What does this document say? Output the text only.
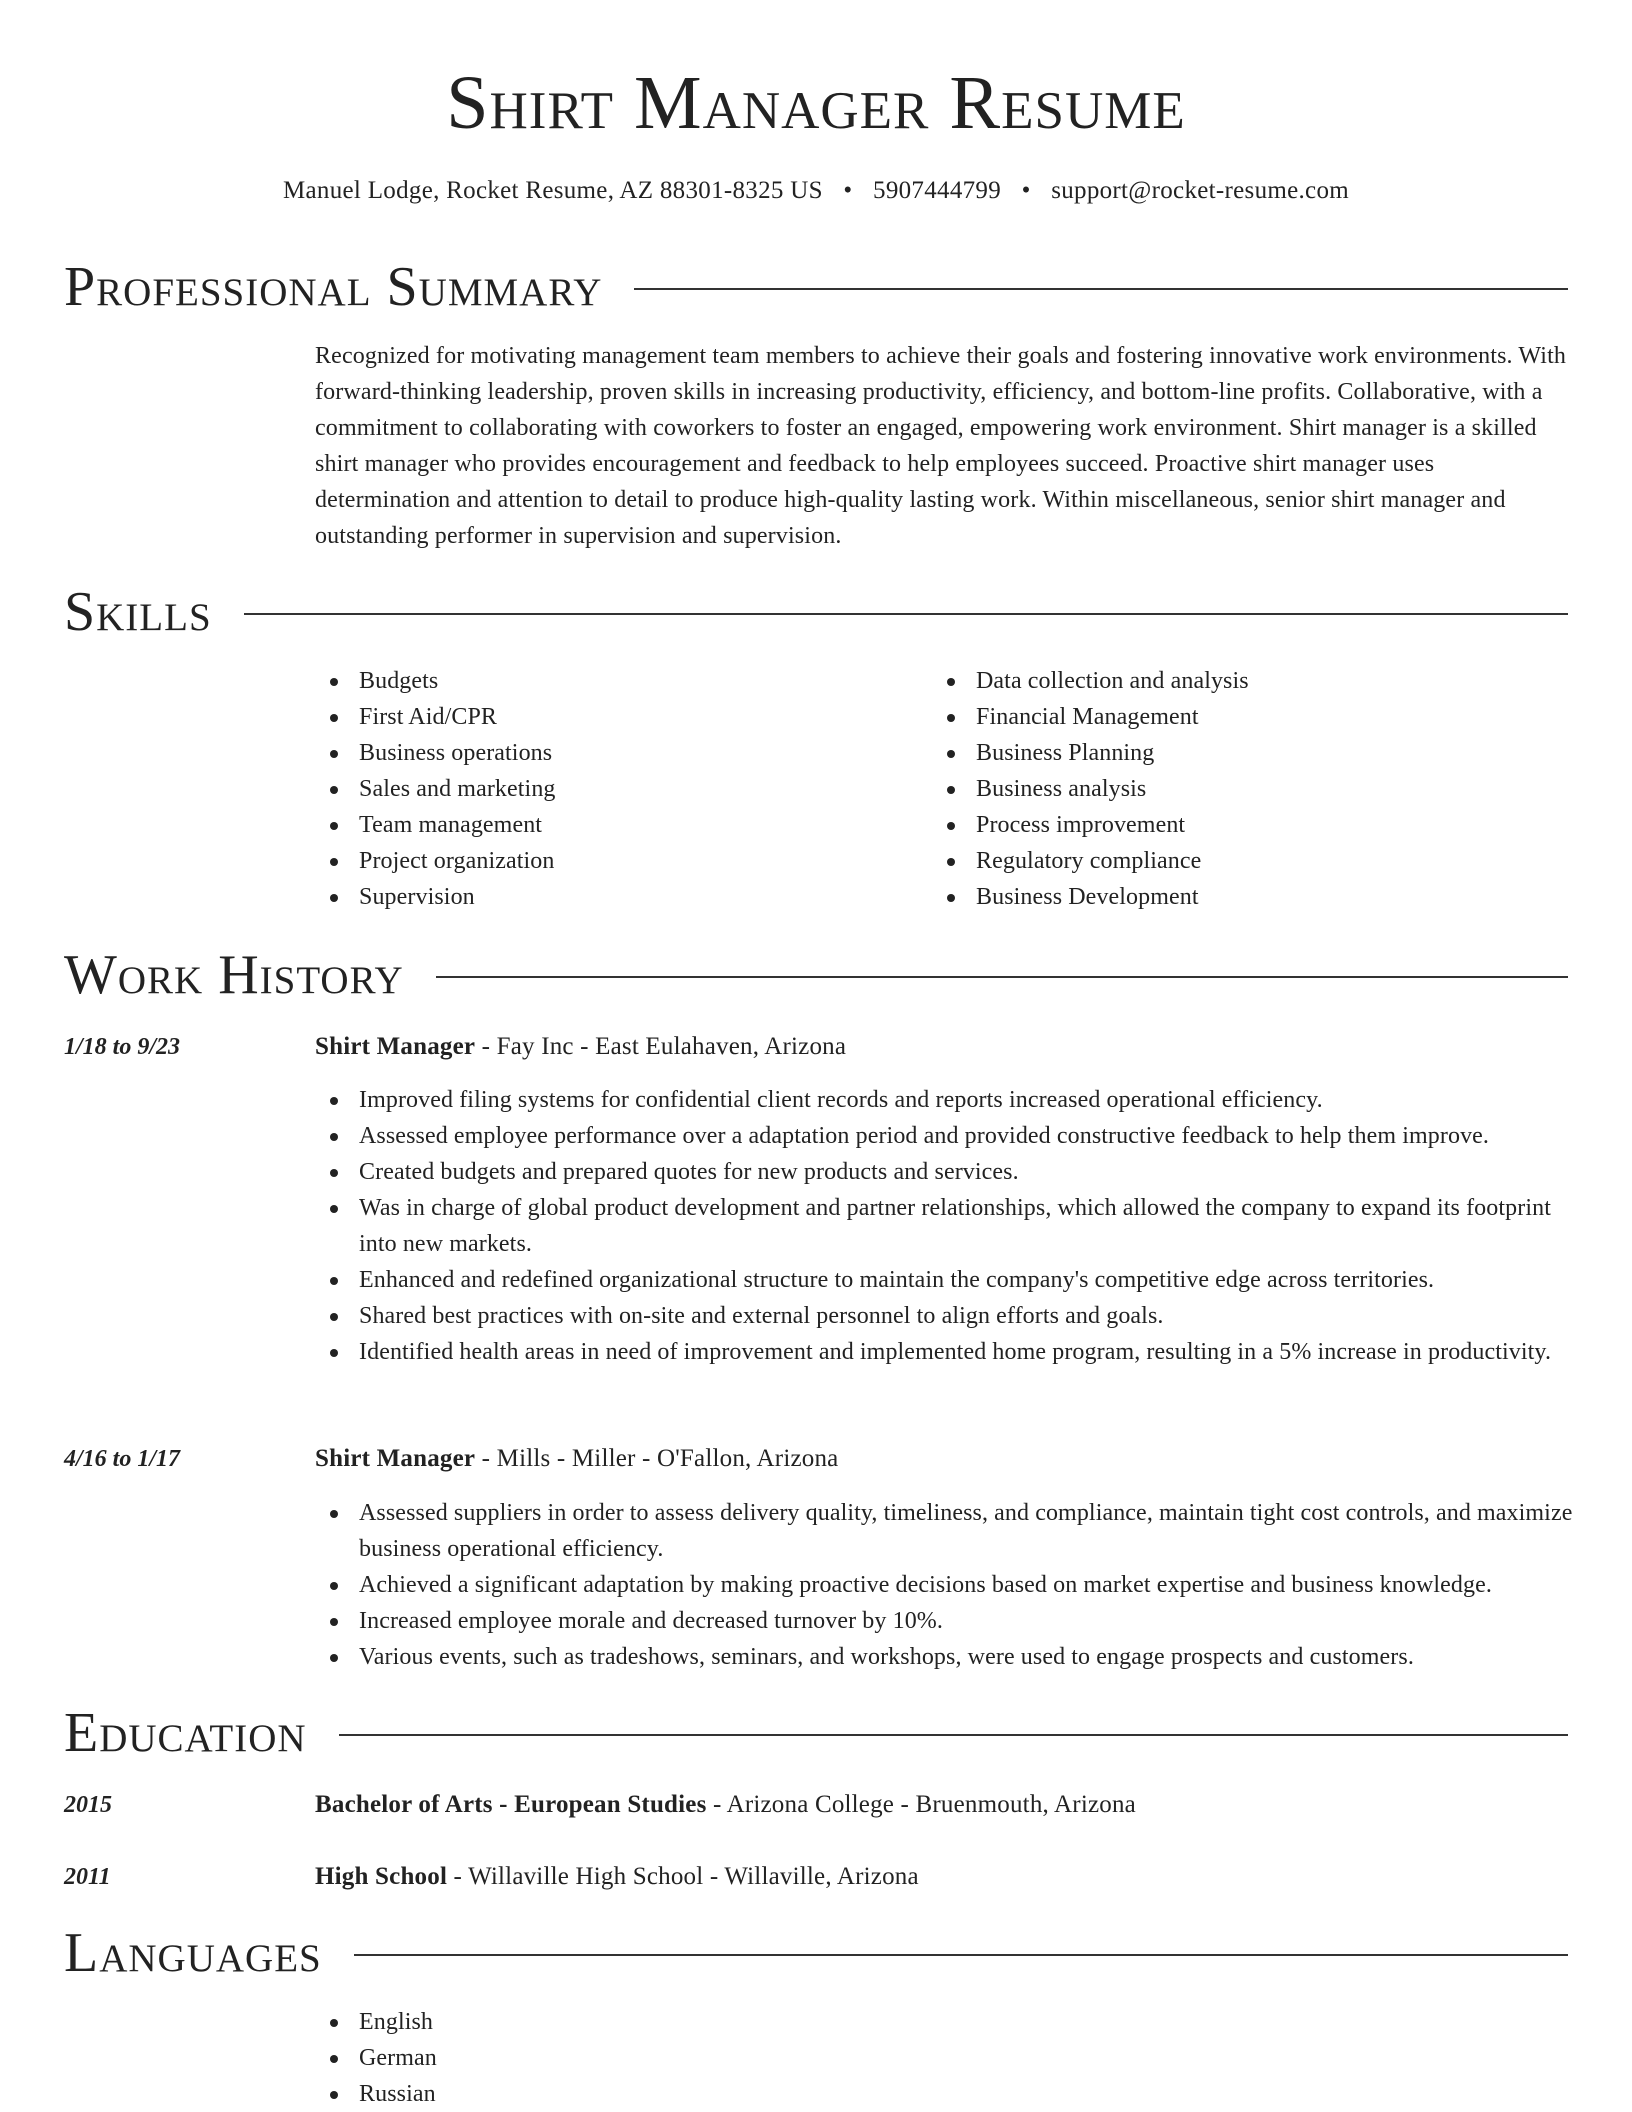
Shirt Manager Resume
Manuel Lodge, Rocket Resume, AZ 88301-8325 US • 5907444799 • support@rocket-resume.com
Professional Summary

Recognized for motivating management team members to achieve their goals and fostering innovative work environments. With forward-thinking leadership, proven skills in increasing productivity, efficiency, and bottom-line profits. Collaborative, with a commitment to collaborating with coworkers to foster an engaged, empowering work environment. Shirt manager is a skilled shirt manager who provides encouragement and feedback to help employees succeed. Proactive shirt manager uses determination and attention to detail to produce high-quality lasting work. Within miscellaneous, senior shirt manager and outstanding performer in supervision and supervision.

Skills
Budgets
First Aid/CPR
Business operations
Sales and marketing
Team management
Project organization
Supervision
Data collection and analysis
Financial Management
Business Planning
Business analysis
Process improvement
Regulatory compliance
Business Development
Work History
1/18 to 9/23	Shirt Manager - Fay Inc - East Eulahaven, Arizona
Improved filing systems for confidential client records and reports increased operational efficiency.
Assessed employee performance over a adaptation period and provided constructive feedback to help them improve.
Created budgets and prepared quotes for new products and services.
Was in charge of global product development and partner relationships, which allowed the company to expand its footprint into new markets.
Enhanced and redefined organizational structure to maintain the company's competitive edge across territories.
Shared best practices with on-site and external personnel to align efforts and goals.
Identified health areas in need of improvement and implemented home program, resulting in a 5% increase in productivity.
4/16 to 1/17	Shirt Manager - Mills - Miller - O'Fallon, Arizona
Assessed suppliers in order to assess delivery quality, timeliness, and compliance, maintain tight cost controls, and maximize business operational efficiency.
Achieved a significant adaptation by making proactive decisions based on market expertise and business knowledge.
Increased employee morale and decreased turnover by 10%.
Various events, such as tradeshows, seminars, and workshops, were used to engage prospects and customers.
Education
2015	Bachelor of Arts - European Studies - Arizona College - Bruenmouth, Arizona
2011	High School - Willaville High School - Willaville, Arizona
Languages
English
German
Russian
